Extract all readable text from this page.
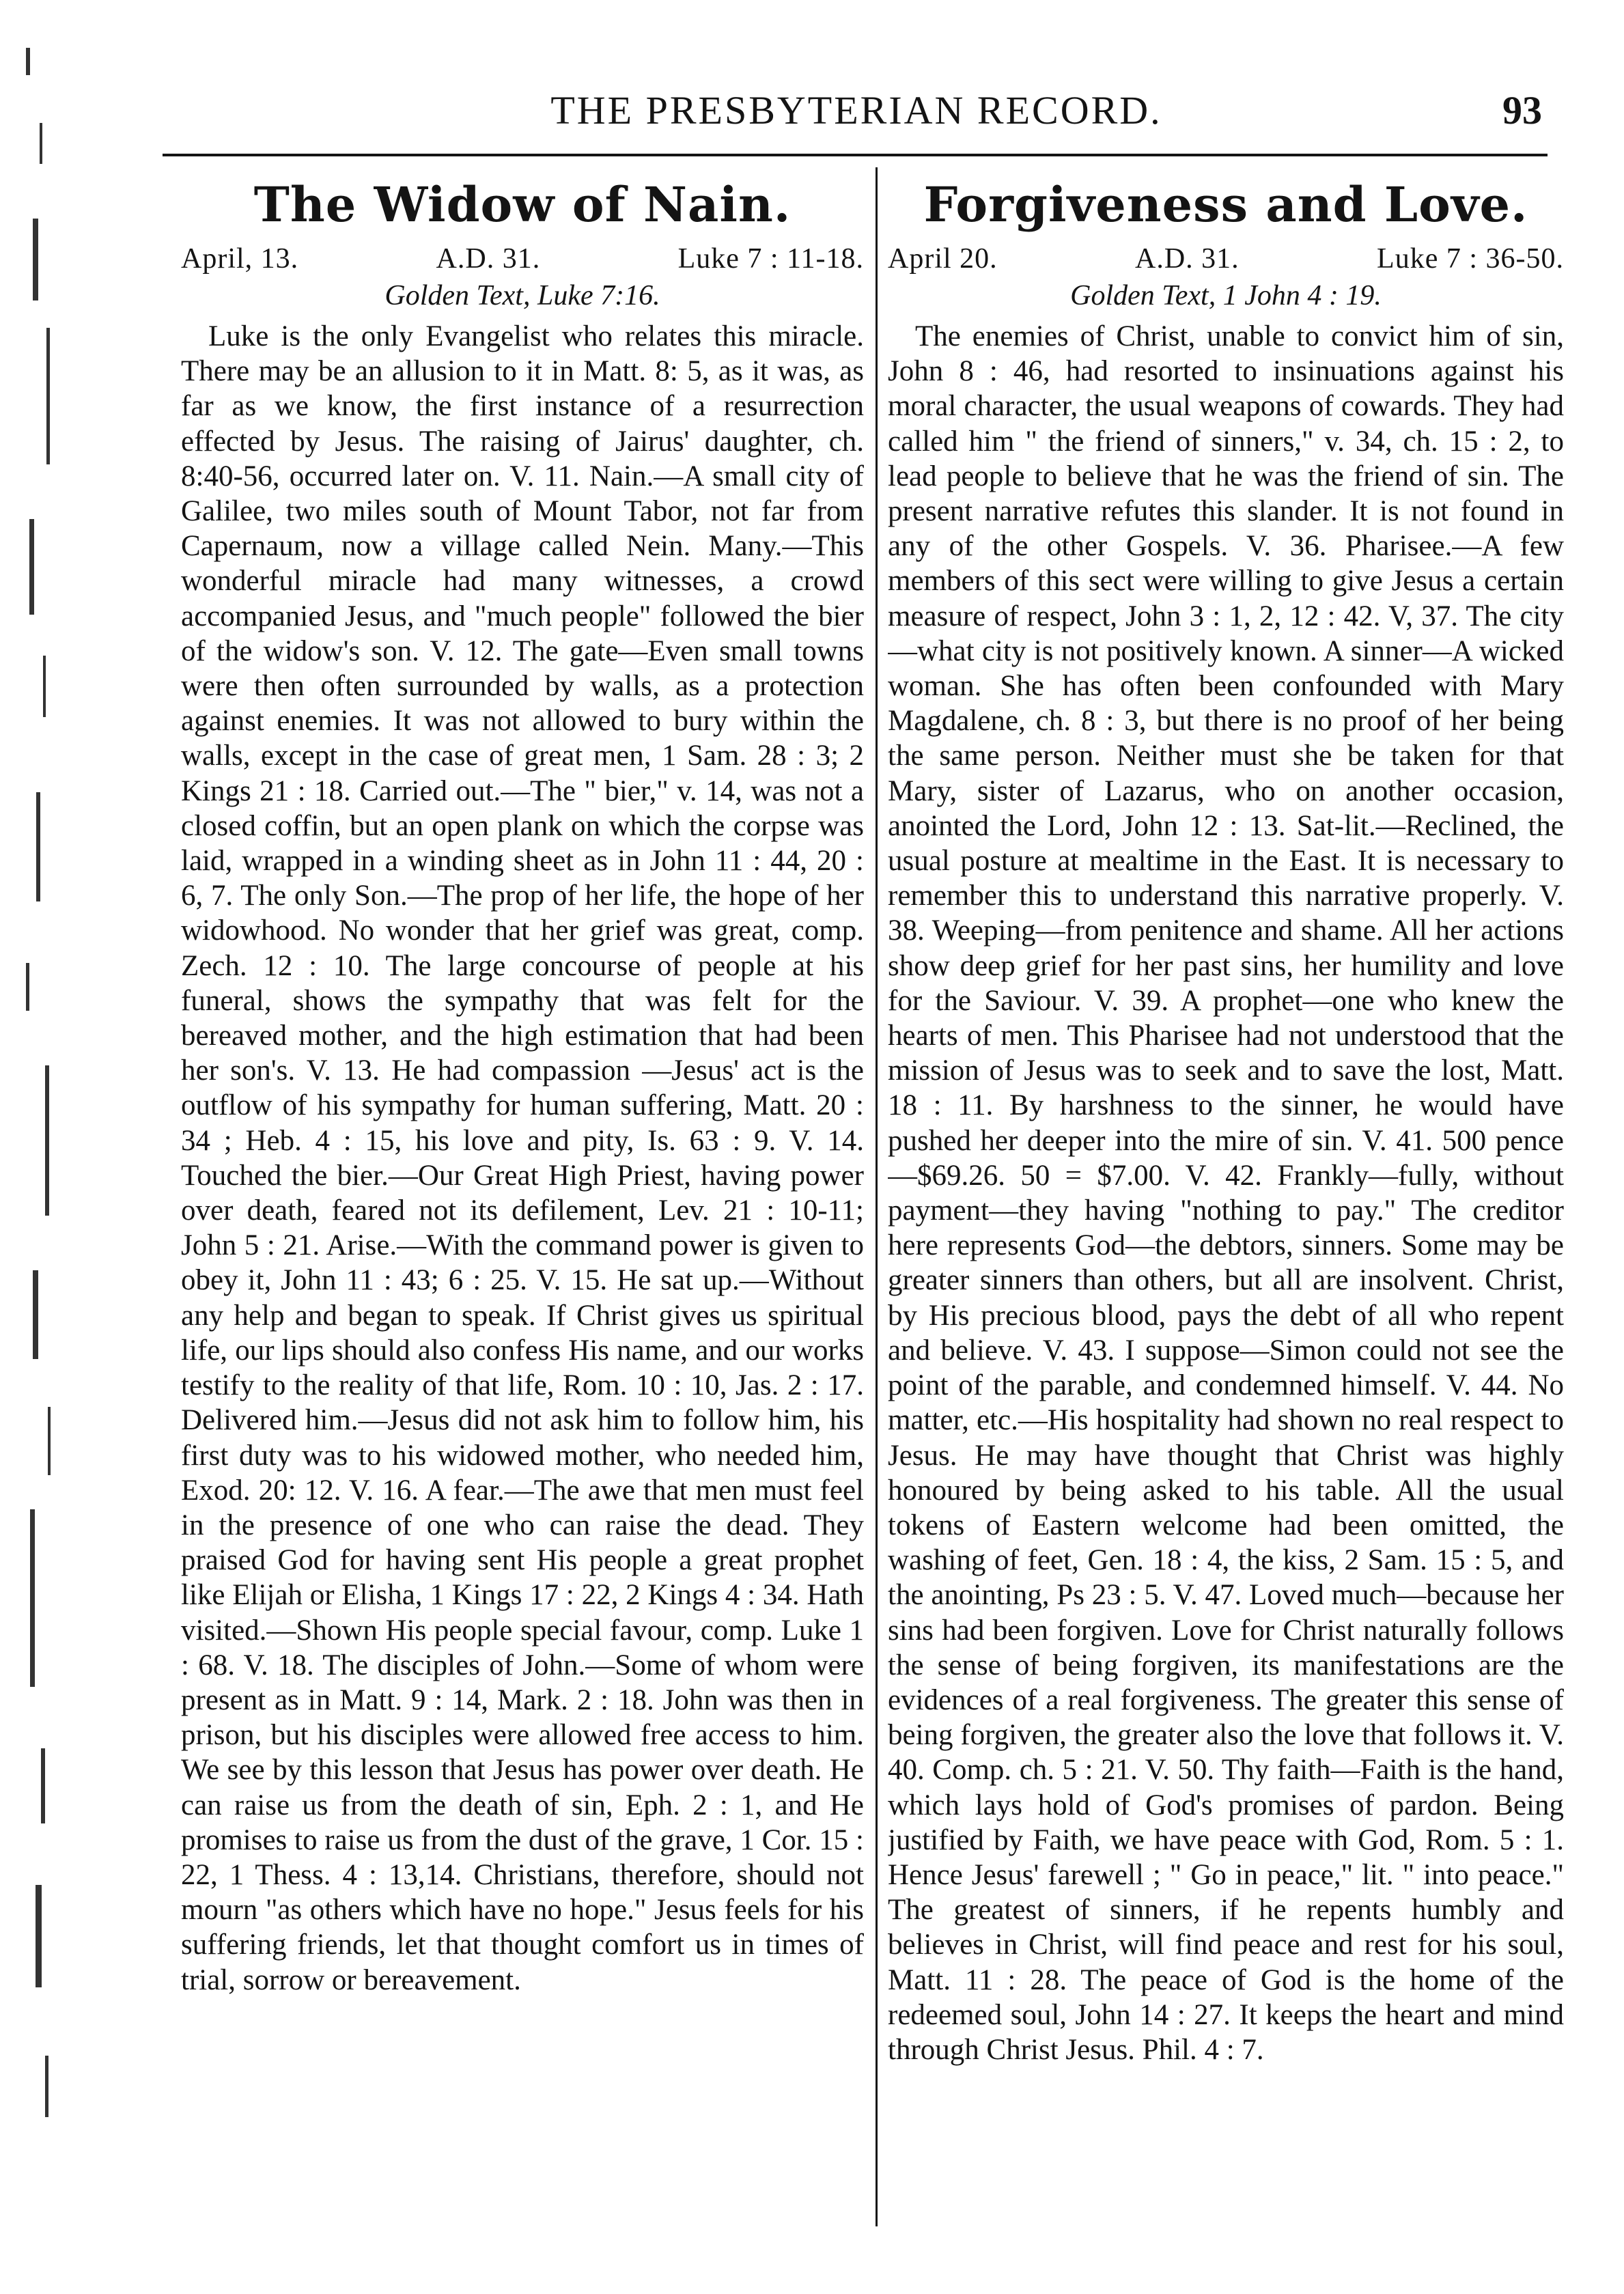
THE PRESBYTERIAN RECORD.	93
The Widow of Nain.
April, 13.	A.D. 31.	Luke 7 : 11-18.
Golden Text, Luke 7:16.

Luke is the only Evangelist who relates this miracle. There may be an allusion to it in Matt. 8: 5, as it was, as far as we know, the first instance of a resurrection effected by Jesus. The raising of Jairus' daughter, ch. 8:40-56, occurred later on. V. 11. Nain.—A small city of Galilee, two miles south of Mount Tabor, not far from Capernaum, now a village called Nein. Many.—This wonderful miracle had many witnesses, a crowd accompanied Jesus, and "much people" followed the bier of the widow's son. V. 12. The gate—Even small towns were then often surrounded by walls, as a protection against enemies. It was not allowed to bury within the walls, except in the case of great men, 1 Sam. 28 : 3; 2 Kings 21 : 18. Carried out.—The " bier," v. 14, was not a closed coffin, but an open plank on which the corpse was laid, wrapped in a winding sheet as in John 11 : 44, 20 : 6, 7. The only Son.—The prop of her life, the hope of her widowhood. No wonder that her grief was great, comp. Zech. 12 : 10. The large concourse of people at his funeral, shows the sympathy that was felt for the bereaved mother, and the high estimation that had been her son's. V. 13. He had compassion —Jesus' act is the outflow of his sympathy for human suffering, Matt. 20 : 34 ; Heb. 4 : 15, his love and pity, Is. 63 : 9. V. 14. Touched the bier.—Our Great High Priest, having power over death, feared not its defilement, Lev. 21 : 10-11; John 5 : 21. Arise.—With the command power is given to obey it, John 11 : 43; 6 : 25. V. 15. He sat up.—Without any help and began to speak. If Christ gives us spiritual life, our lips should also confess His name, and our works testify to the reality of that life, Rom. 10 : 10, Jas. 2 : 17. Delivered him.—Jesus did not ask him to follow him, his first duty was to his widowed mother, who needed him, Exod. 20: 12. V. 16. A fear.—The awe that men must feel in the presence of one who can raise the dead. They praised God for having sent His people a great prophet like Elijah or Elisha, 1 Kings 17 : 22, 2 Kings 4 : 34. Hath visited.—Shown His people special favour, comp. Luke 1 : 68. V. 18. The disciples of John.—Some of whom were present as in Matt. 9 : 14, Mark. 2 : 18. John was then in prison, but his disciples were allowed free access to him. We see by this lesson that Jesus has power over death. He can raise us from the death of sin, Eph. 2 : 1, and He promises to raise us from the dust of the grave, 1 Cor. 15 : 22, 1 Thess. 4 : 13,14. Christians, therefore, should not mourn "as others which have no hope." Jesus feels for his suffering friends, let that thought comfort us in times of trial, sorrow or bereavement.

Forgiveness and Love.
April 20.	A.D. 31.	Luke 7 : 36-50.
Golden Text, 1 John 4 : 19.

The enemies of Christ, unable to convict him of sin, John 8 : 46, had resorted to insinuations against his moral character, the usual weapons of cowards. They had called him " the friend of sinners," v. 34, ch. 15 : 2, to lead people to believe that he was the friend of sin. The present narrative refutes this slander. It is not found in any of the other Gospels. V. 36. Pharisee.—A few members of this sect were willing to give Jesus a certain measure of respect, John 3 : 1, 2, 12 : 42. V, 37. The city—what city is not positively known. A sinner—A wicked woman. She has often been confounded with Mary Magdalene, ch. 8 : 3, but there is no proof of her being the same person. Neither must she be taken for that Mary, sister of Lazarus, who on another occasion, anointed the Lord, John 12 : 13. Sat-lit.—Reclined, the usual posture at mealtime in the East. It is necessary to remember this to understand this narrative properly. V. 38. Weeping—from penitence and shame. All her actions show deep grief for her past sins, her humility and love for the Saviour. V. 39. A prophet—one who knew the hearts of men. This Pharisee had not understood that the mission of Jesus was to seek and to save the lost, Matt. 18 : 11. By harshness to the sinner, he would have pushed her deeper into the mire of sin. V. 41. 500 pence—$69.26. 50 = $7.00. V. 42. Frankly—fully, without payment—they having "nothing to pay." The creditor here represents God—the debtors, sinners. Some may be greater sinners than others, but all are insolvent. Christ, by His precious blood, pays the debt of all who repent and believe. V. 43. I suppose—Simon could not see the point of the parable, and condemned himself. V. 44. No matter, etc.—His hospitality had shown no real respect to Jesus. He may have thought that Christ was highly honoured by being asked to his table. All the usual tokens of Eastern welcome had been omitted, the washing of feet, Gen. 18 : 4, the kiss, 2 Sam. 15 : 5, and the anointing, Ps 23 : 5. V. 47. Loved much—because her sins had been forgiven. Love for Christ naturally follows the sense of being forgiven, its manifestations are the evidences of a real forgiveness. The greater this sense of being forgiven, the greater also the love that follows it. V. 40. Comp. ch. 5 : 21. V. 50. Thy faith—Faith is the hand, which lays hold of God's promises of pardon. Being justified by Faith, we have peace with God, Rom. 5 : 1. Hence Jesus' farewell ; " Go in peace," lit. " into peace." The greatest of sinners, if he repents humbly and believes in Christ, will find peace and rest for his soul, Matt. 11 : 28. The peace of God is the home of the redeemed soul, John 14 : 27. It keeps the heart and mind through Christ Jesus. Phil. 4 : 7.
